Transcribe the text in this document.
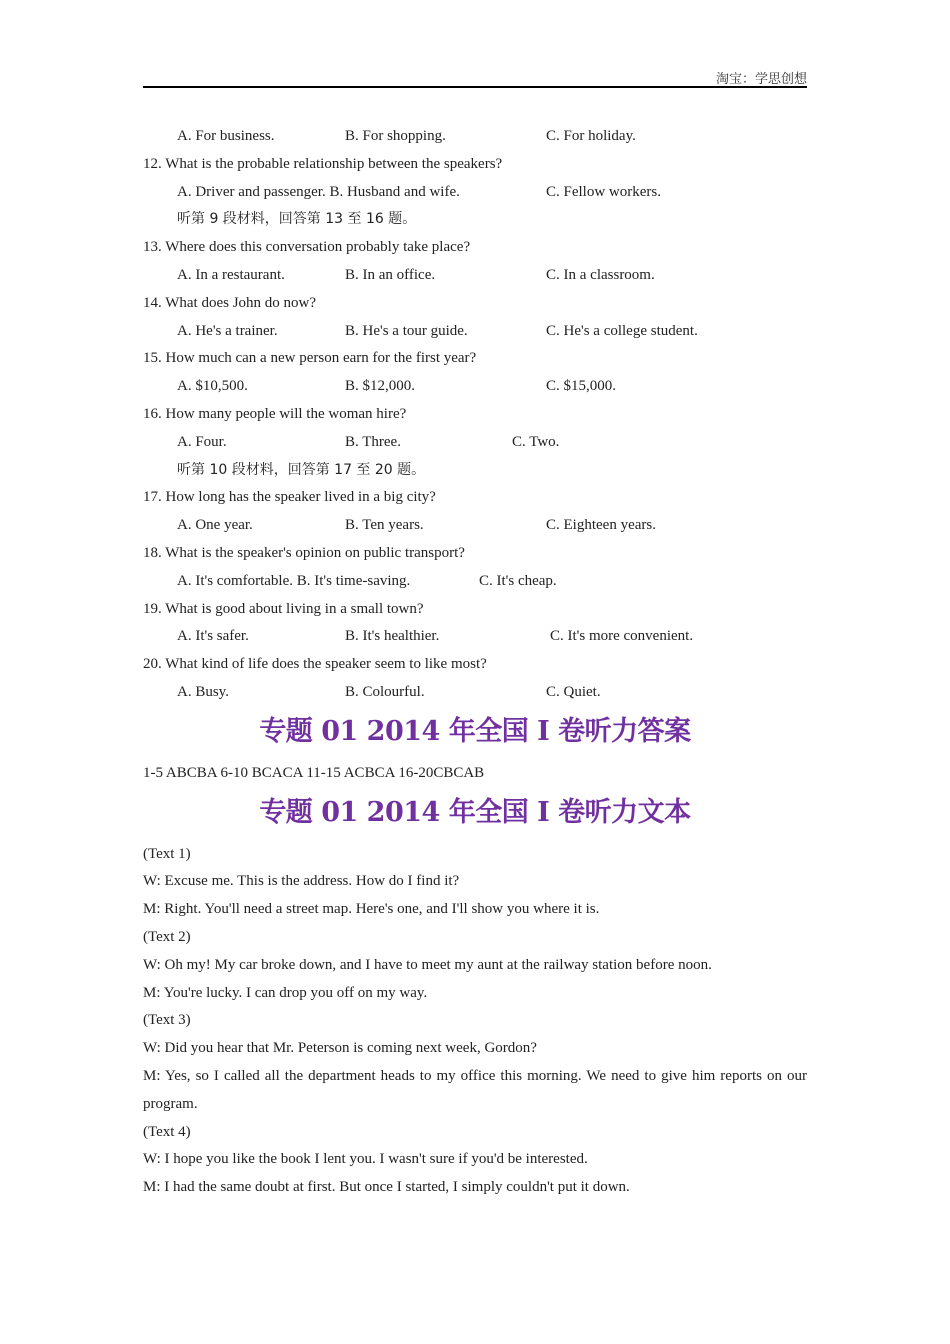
淘宝：学思创想
A. For business.	B. For shopping.	C. For holiday.
12. What is the probable relationship between the speakers?
A. Driver and passenger. B. Husband and wife.	C. Fellow workers.
听第 9 段材料，回答第 13 至 16 题。
13. Where does this conversation probably take place?
A. In a restaurant.	B. In an office.	C. In a classroom.
14. What does John do now?
A. He's a trainer.	B. He's a tour guide.	C. He's a college student.
15. How much can a new person earn for the first year?
A. $10,500.	B. $12,000.	C. $15,000.
16. How many people will the woman hire?
A. Four.	B. Three.	C. Two.
听第 10 段材料，回答第 17 至 20 题。
17. How long has the speaker lived in a big city?
A. One year.	B. Ten years.	C. Eighteen years.
18. What is the speaker's opinion on public transport?
A. It's comfortable. B. It's time-saving.	C. It's cheap.
19. What is good about living in a small town?
A. It's safer.	B. It's healthier.	C. It's more convenient.
20. What kind of life does the speaker seem to like most?
A. Busy.	B. Colourful.	C. Quiet.
专题 01 2014 年全国 I 卷听力答案
1-5 ABCBA 6-10 BCACA 11-15 ACBCA 16-20CBCAB
专题 01 2014 年全国 I 卷听力文本
(Text 1)
W: Excuse me. This is the address. How do I find it?
M: Right. You'll need a street map. Here's one, and I'll show you where it is.
(Text 2)
W: Oh my! My car broke down, and I have to meet my aunt at the railway station before noon.
M: You're lucky. I can drop you off on my way.
(Text 3)
W: Did you hear that Mr. Peterson is coming next week, Gordon?
M: Yes, so I called all the department heads to my office this morning. We need to give him reports on our program.
(Text 4)
W: I hope you like the book I lent you. I wasn't sure if you'd be interested.
M: I had the same doubt at first. But once I started, I simply couldn't put it down.
